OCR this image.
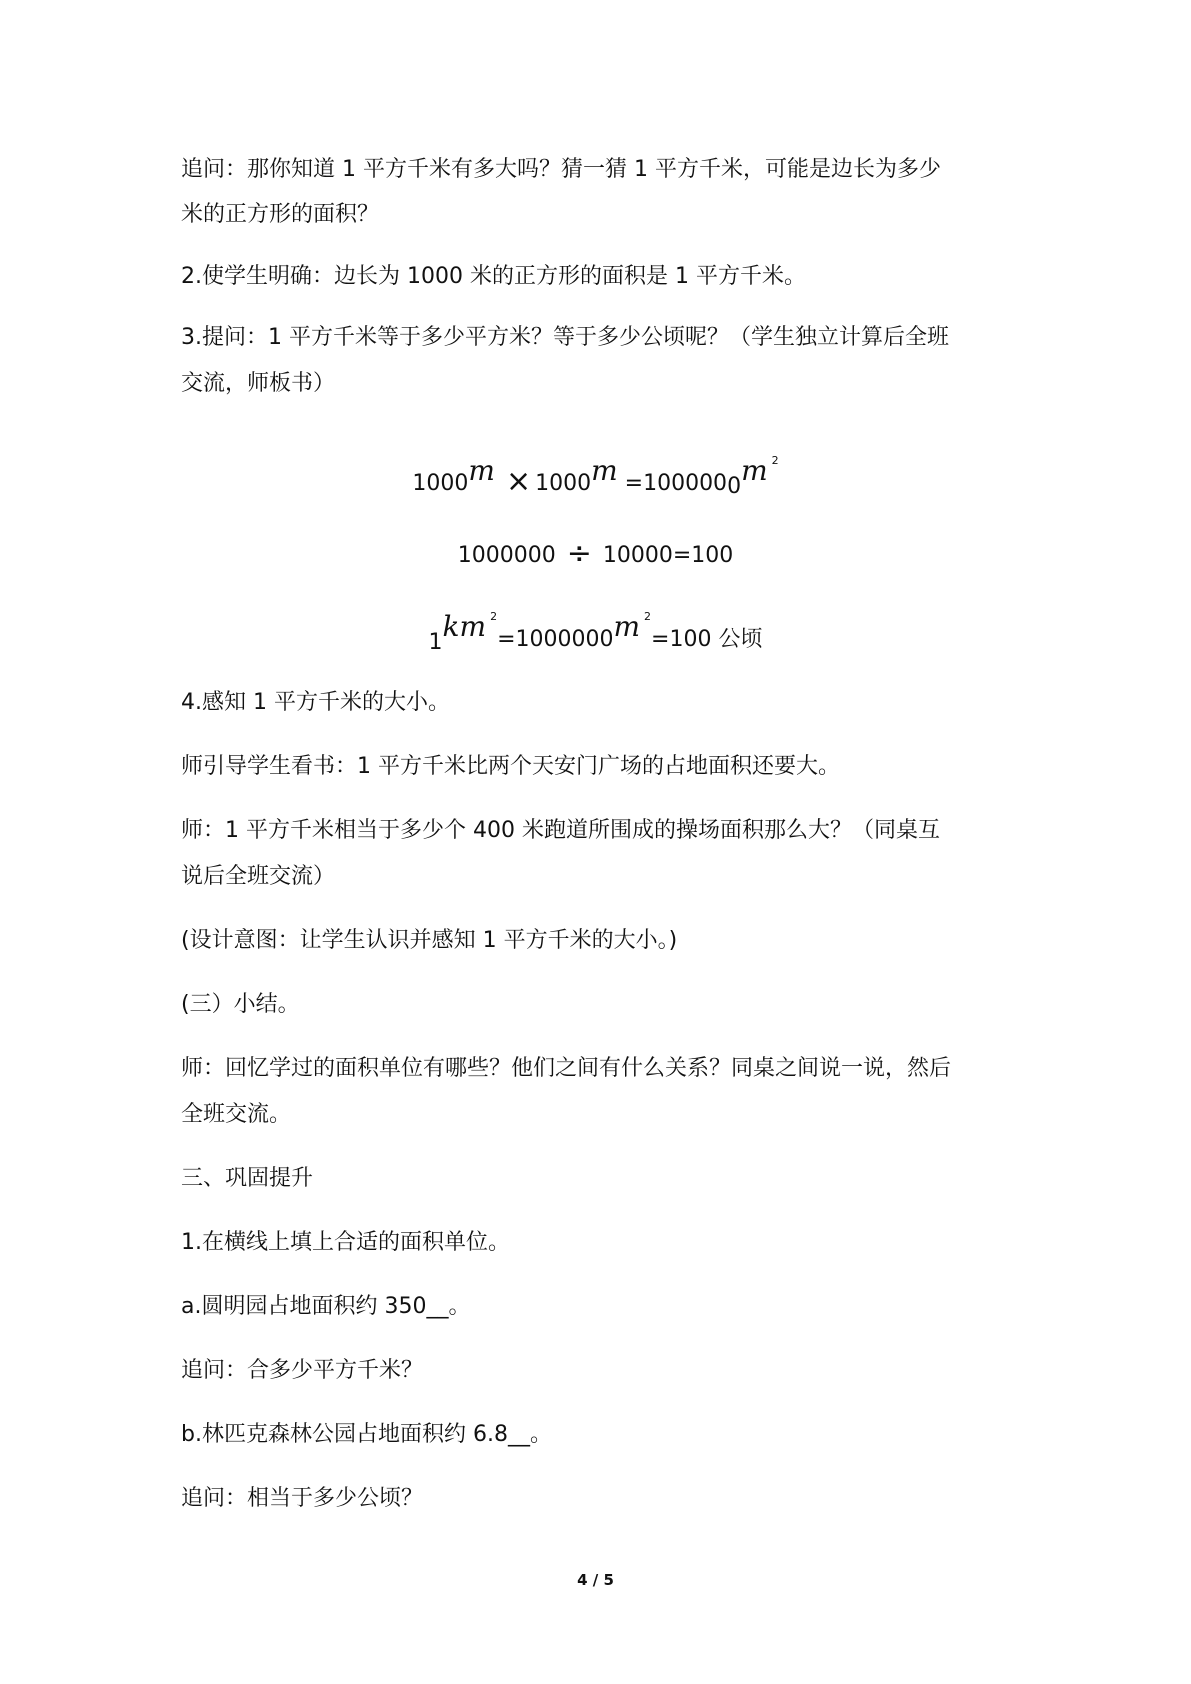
追问：那你知道 1 平方千米有多大吗？猜一猜 1 平方千米，可能是边长为多少
米的正方形的面积？
2.使学生明确：边长为 1000 米的正方形的面积是 1 平方千米。
3.提问：1 平方千米等于多少平方米？等于多少公顷呢？（学生独立计算后全班
交流，师板书）
1000m × 1000m =1000000m $^2$
1000000 ÷ 10000=100
1km $^2$=1000000m $^2$=100 公顷
4.感知 1 平方千米的大小。
师引导学生看书：1 平方千米比两个天安门广场的占地面积还要大。
师：1 平方千米相当于多少个 400 米跑道所围成的操场面积那么大？（同桌互
说后全班交流）
(设计意图：让学生认识并感知 1 平方千米的大小。)
(三）小结。
师：回忆学过的面积单位有哪些？他们之间有什么关系？同桌之间说一说，然后
全班交流。
三、巩固提升
1.在横线上填上合适的面积单位。
a.圆明园占地面积约 350__。
追问：合多少平方千米？
b.林匹克森林公园占地面积约 6.8__。
追问：相当于多少公顷？
4 / 5
